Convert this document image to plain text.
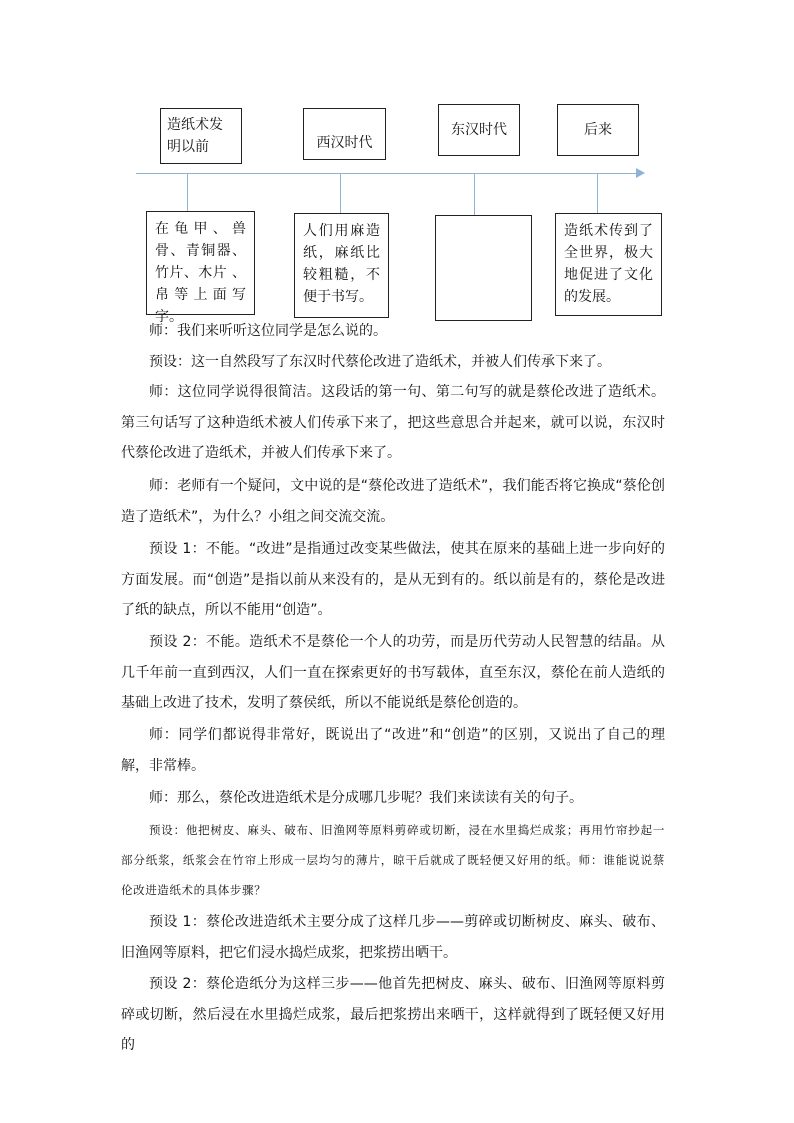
造纸术发明以前	西汉时代
东汉时代	后来
在龟甲、兽骨、青铜器、竹片、木片 、帛等上面写字。
人们用麻造纸，麻纸比较粗糙，不便于书写。
造纸术传到了全世界，极大地促进了文化的发展。

师：我们来听听这位同学是怎么说的。

预设：这一自然段写了东汉时代蔡伦改进了造纸术，并被人们传承下来了。

师：这位同学说得很简洁。这段话的第一句、第二句写的就是蔡伦改进了造纸术。第三句话写了这种造纸术被人们传承下来了，把这些意思合并起来，就可以说，东汉时代蔡伦改进了造纸术，并被人们传承下来了。

师：老师有一个疑问，文中说的是“蔡伦改进了造纸术”，我们能否将它换成“蔡伦创造了造纸术”，为什么？小组之间交流交流。

预设 1：不能。“改进”是指通过改变某些做法，使其在原来的基础上进一步向好的方面发展。而“创造”是指以前从来没有的，是从无到有的。纸以前是有的，蔡伦是改进了纸的缺点，所以不能用“创造”。

预设 2：不能。造纸术不是蔡伦一个人的功劳，而是历代劳动人民智慧的结晶。从几千年前一直到西汉，人们一直在探索更好的书写载体，直至东汉，蔡伦在前人造纸的基础上改进了技术，发明了蔡侯纸，所以不能说纸是蔡伦创造的。

师：同学们都说得非常好，既说出了“改进”和“创造”的区别，又说出了自己的理解，非常棒。

师：那么，蔡伦改进造纸术是分成哪几步呢？我们来读读有关的句子。

预设：他把树皮、麻头、破布、旧渔网等原料剪碎或切断，浸在水里捣烂成浆；再用竹帘抄起一部分纸浆，纸浆会在竹帘上形成一层均匀的薄片，晾干后就成了既轻便又好用的纸。师：谁能说说蔡伦改进造纸术的具体步骤？

预设 1：蔡伦改进造纸术主要分成了这样几步——剪碎或切断树皮、麻头、破布、旧渔网等原料，把它们浸水捣烂成浆，把浆捞出晒干。

预设 2：蔡伦造纸分为这样三步——他首先把树皮、麻头、破布、旧渔网等原料剪碎或切断，然后浸在水里捣烂成浆，最后把浆捞出来晒干，这样就得到了既轻便又好用的
